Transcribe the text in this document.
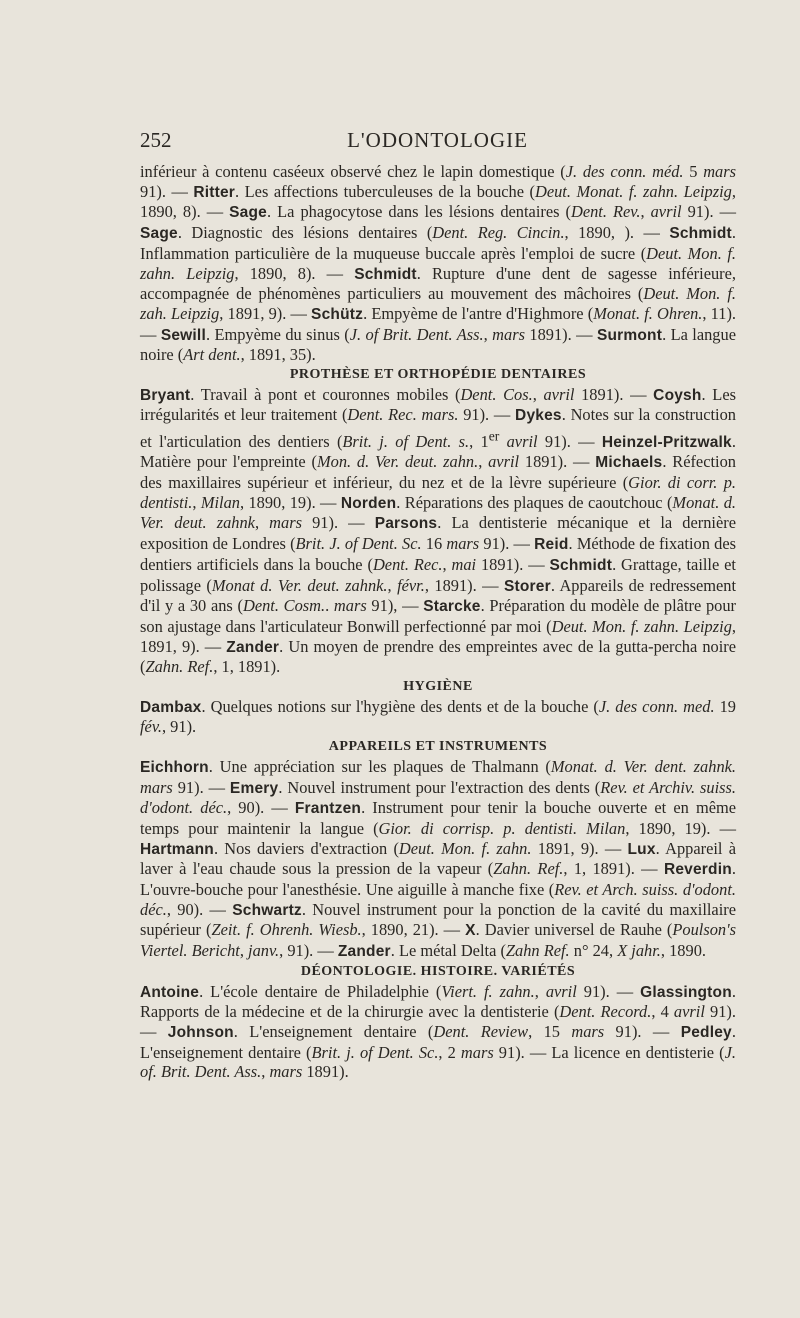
252	L'ODONTOLOGIE

inférieur à contenu caséeux observé chez le lapin domestique (J. des conn. méd. 5 mars 91). — Ritter. Les affections tuberculeuses de la bouche (Deut. Monat. f. zahn. Leipzig, 1890, 8). — Sage. La phagocytose dans les lésions dentaires (Dent. Rev., avril 91). — Sage. Diagnostic des lésions dentaires (Dent. Reg. Cincin., 1890, ). — Schmidt. Inflammation particulière de la muqueuse buccale après l'emploi de sucre (Deut. Mon. f. zahn. Leipzig, 1890, 8). — Schmidt. Rupture d'une dent de sagesse inférieure, accompagnée de phénomènes particuliers au mouvement des mâchoires (Deut. Mon. f. zah. Leipzig, 1891, 9). — Schütz. Empyème de l'antre d'Highmore (Monat. f. Ohren., 11). — Sewill. Empyème du sinus (J. of Brit. Dent. Ass., mars 1891). — Surmont. La langue noire (Art dent., 1891, 35).

PROTHÈSE ET ORTHOPÉDIE DENTAIRES

Bryant. Travail à pont et couronnes mobiles (Dent. Cos., avril 1891). — Coysh. Les irrégularités et leur traitement (Dent. Rec. mars. 91). — Dykes. Notes sur la construction et l'articulation des dentiers (Brit. j. of Dent. s., 1er avril 91). — Heinzel-Pritzwalk. Matière pour l'empreinte (Mon. d. Ver. deut. zahn., avril 1891). — Michaels. Réfection des maxillaires supérieur et inférieur, du nez et de la lèvre supérieure (Gior. di corr. p. dentisti., Milan, 1890, 19). — Norden. Réparations des plaques de caoutchouc (Monat. d. Ver. deut. zahnk, mars 91). — Parsons. La dentisterie mécanique et la dernière exposition de Londres (Brit. J. of Dent. Sc. 16 mars 91). — Reid. Méthode de fixation des dentiers artificiels dans la bouche (Dent. Rec., mai 1891). — Schmidt. Grattage, taille et polissage (Monat d. Ver. deut. zahnk., févr., 1891). — Storer. Appareils de redressement d'il y a 30 ans (Dent. Cosm.. mars 91), — Starcke. Préparation du modèle de plâtre pour son ajustage dans l'articulateur Bonwill perfectionné par moi (Deut. Mon. f. zahn. Leipzig, 1891, 9). — Zander. Un moyen de prendre des empreintes avec de la gutta-percha noire (Zahn. Ref., 1, 1891).

HYGIÈNE

Dambax. Quelques notions sur l'hygiène des dents et de la bouche (J. des conn. med. 19 fév., 91).

APPAREILS ET INSTRUMENTS

Eichhorn. Une appréciation sur les plaques de Thalmann (Monat. d. Ver. dent. zahnk. mars 91). — Emery. Nouvel instrument pour l'extraction des dents (Rev. et Archiv. suiss. d'odont. déc., 90). — Frantzen. Instrument pour tenir la bouche ouverte et en même temps pour maintenir la langue (Gior. di corrisp. p. dentisti. Milan, 1890, 19). — Hartmann. Nos daviers d'extraction (Deut. Mon. f. zahn. 1891, 9). — Lux. Appareil à laver à l'eau chaude sous la pression de la vapeur (Zahn. Ref., 1, 1891). — Reverdin. L'ouvre-bouche pour l'anesthésie. Une aiguille à manche fixe (Rev. et Arch. suiss. d'odont. déc., 90). — Schwartz. Nouvel instrument pour la ponction de la cavité du maxillaire supérieur (Zeit. f. Ohrenh. Wiesb., 1890, 21). — X. Davier universel de Rauhe (Poulson's Viertel. Bericht, janv., 91). — Zander. Le métal Delta (Zahn Ref. n° 24, X jahr., 1890.

DÉONTOLOGIE. HISTOIRE. VARIÉTÉS

Antoine. L'école dentaire de Philadelphie (Viert. f. zahn., avril 91). — Glassington. Rapports de la médecine et de la chirurgie avec la dentisterie (Dent. Record., 4 avril 91). — Johnson. L'enseignement dentaire (Dent. Review, 15 mars 91). — Pedley. L'enseignement dentaire (Brit. j. of Dent. Sc., 2 mars 91). — La licence en dentisterie (J. of. Brit. Dent. Ass., mars 1891).
